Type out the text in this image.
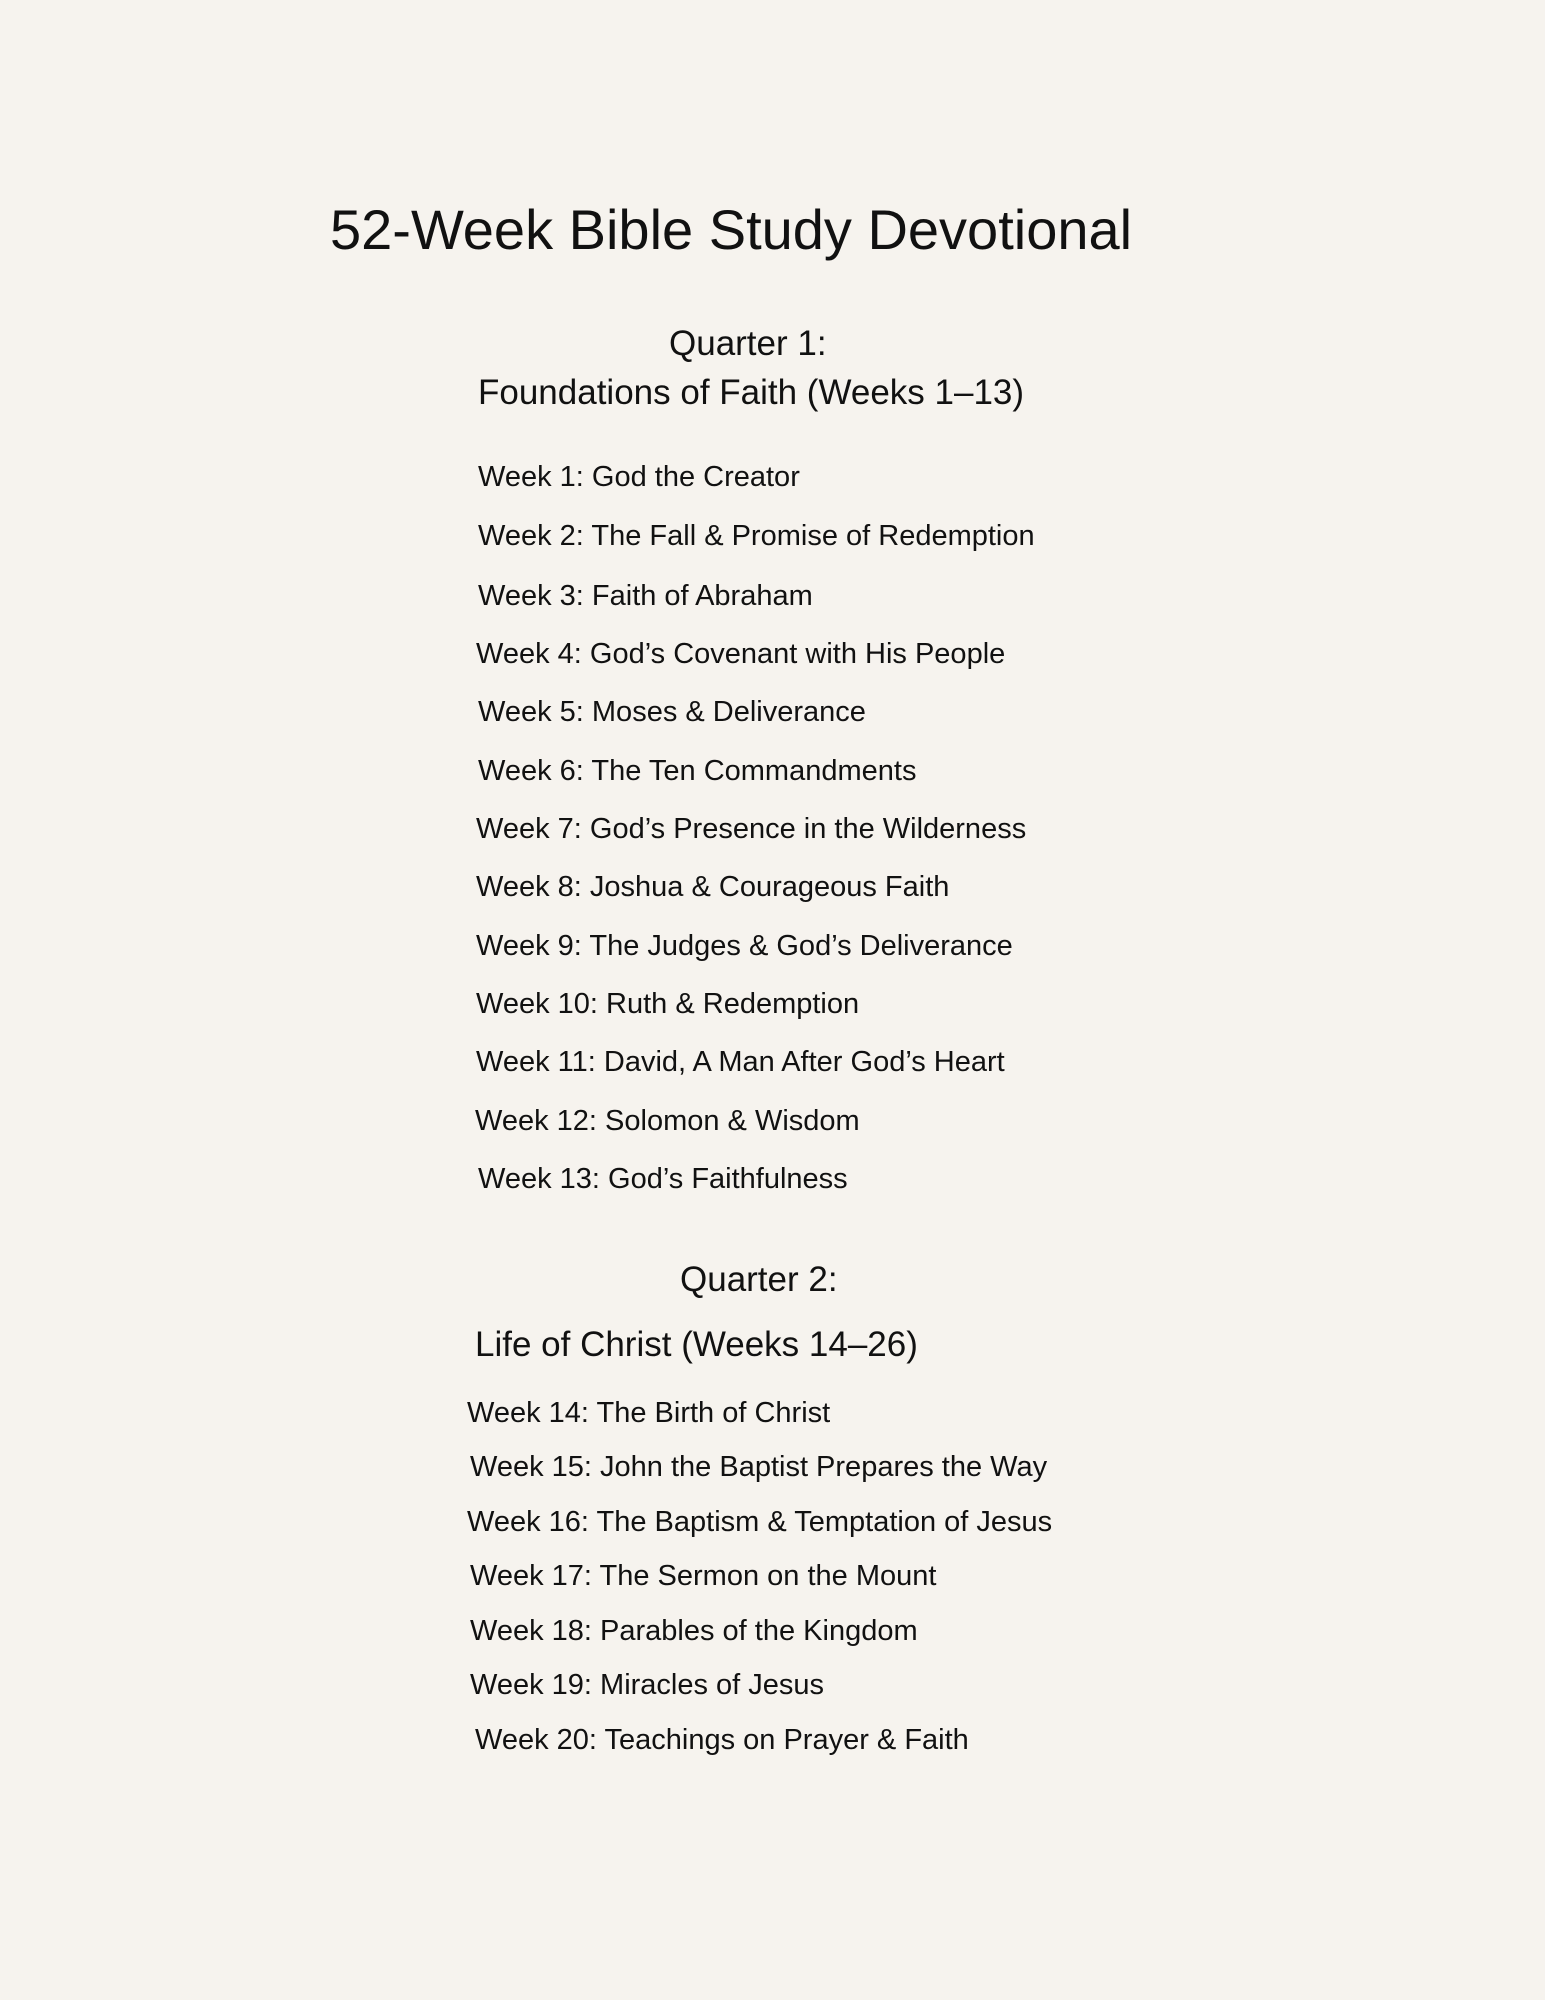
52-Week Bible Study Devotional
Quarter 1:
Foundations of Faith (Weeks 1–13)
Week 1: God the Creator
Week 2: The Fall & Promise of Redemption
Week 3: Faith of Abraham
Week 4: God’s Covenant with His People
Week 5: Moses & Deliverance
Week 6: The Ten Commandments
Week 7: God’s Presence in the Wilderness
Week 8: Joshua & Courageous Faith
Week 9: The Judges & God’s Deliverance
Week 10: Ruth & Redemption
Week 11: David, A Man After God’s Heart
Week 12: Solomon & Wisdom
Week 13: God’s Faithfulness
Quarter 2:
Life of Christ (Weeks 14–26)
Week 14: The Birth of Christ
Week 15: John the Baptist Prepares the Way
Week 16: The Baptism & Temptation of Jesus
Week 17: The Sermon on the Mount
Week 18: Parables of the Kingdom
Week 19: Miracles of Jesus
Week 20: Teachings on Prayer & Faith
